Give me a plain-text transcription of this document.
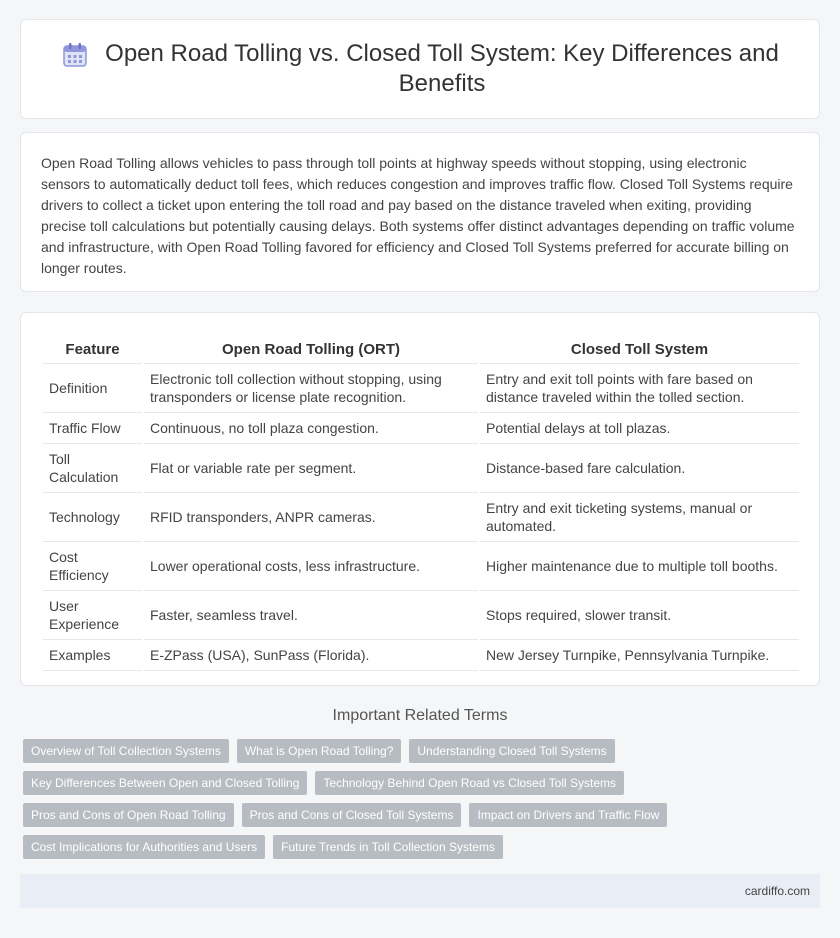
Open Road Tolling vs. Closed Toll System: Key Differences and Benefits

Open Road Tolling allows vehicles to pass through toll points at highway speeds without stopping, using electronic sensors to automatically deduct toll fees, which reduces congestion and improves traffic flow. Closed Toll Systems require drivers to collect a ticket upon entering the toll road and pay based on the distance traveled when exiting, providing precise toll calculations but potentially causing delays. Both systems offer distinct advantages depending on traffic volume and infrastructure, with Open Road Tolling favored for efficiency and Closed Toll Systems preferred for accurate billing on longer routes.

Feature	Open Road Tolling (ORT)	Closed Toll System
Definition	Electronic toll collection without stopping, using transponders or license plate recognition.	Entry and exit toll points with fare based on distance traveled within the tolled section.
Traffic Flow	Continuous, no toll plaza congestion.	Potential delays at toll plazas.
Toll Calculation	Flat or variable rate per segment.	Distance-based fare calculation.
Technology	RFID transponders, ANPR cameras.	Entry and exit ticketing systems, manual or automated.
Cost Efficiency	Lower operational costs, less infrastructure.	Higher maintenance due to multiple toll booths.
User Experience	Faster, seamless travel.	Stops required, slower transit.
Examples	E-ZPass (USA), SunPass (Florida).	New Jersey Turnpike, Pennsylvania Turnpike.
Important Related Terms
Overview of Toll Collection Systems	What is Open Road Tolling?	Understanding Closed Toll Systems
Key Differences Between Open and Closed Tolling	Technology Behind Open Road vs Closed Toll Systems
Pros and Cons of Open Road Tolling	Pros and Cons of Closed Toll Systems	Impact on Drivers and Traffic Flow
Cost Implications for Authorities and Users	Future Trends in Toll Collection Systems
cardiffo.com
